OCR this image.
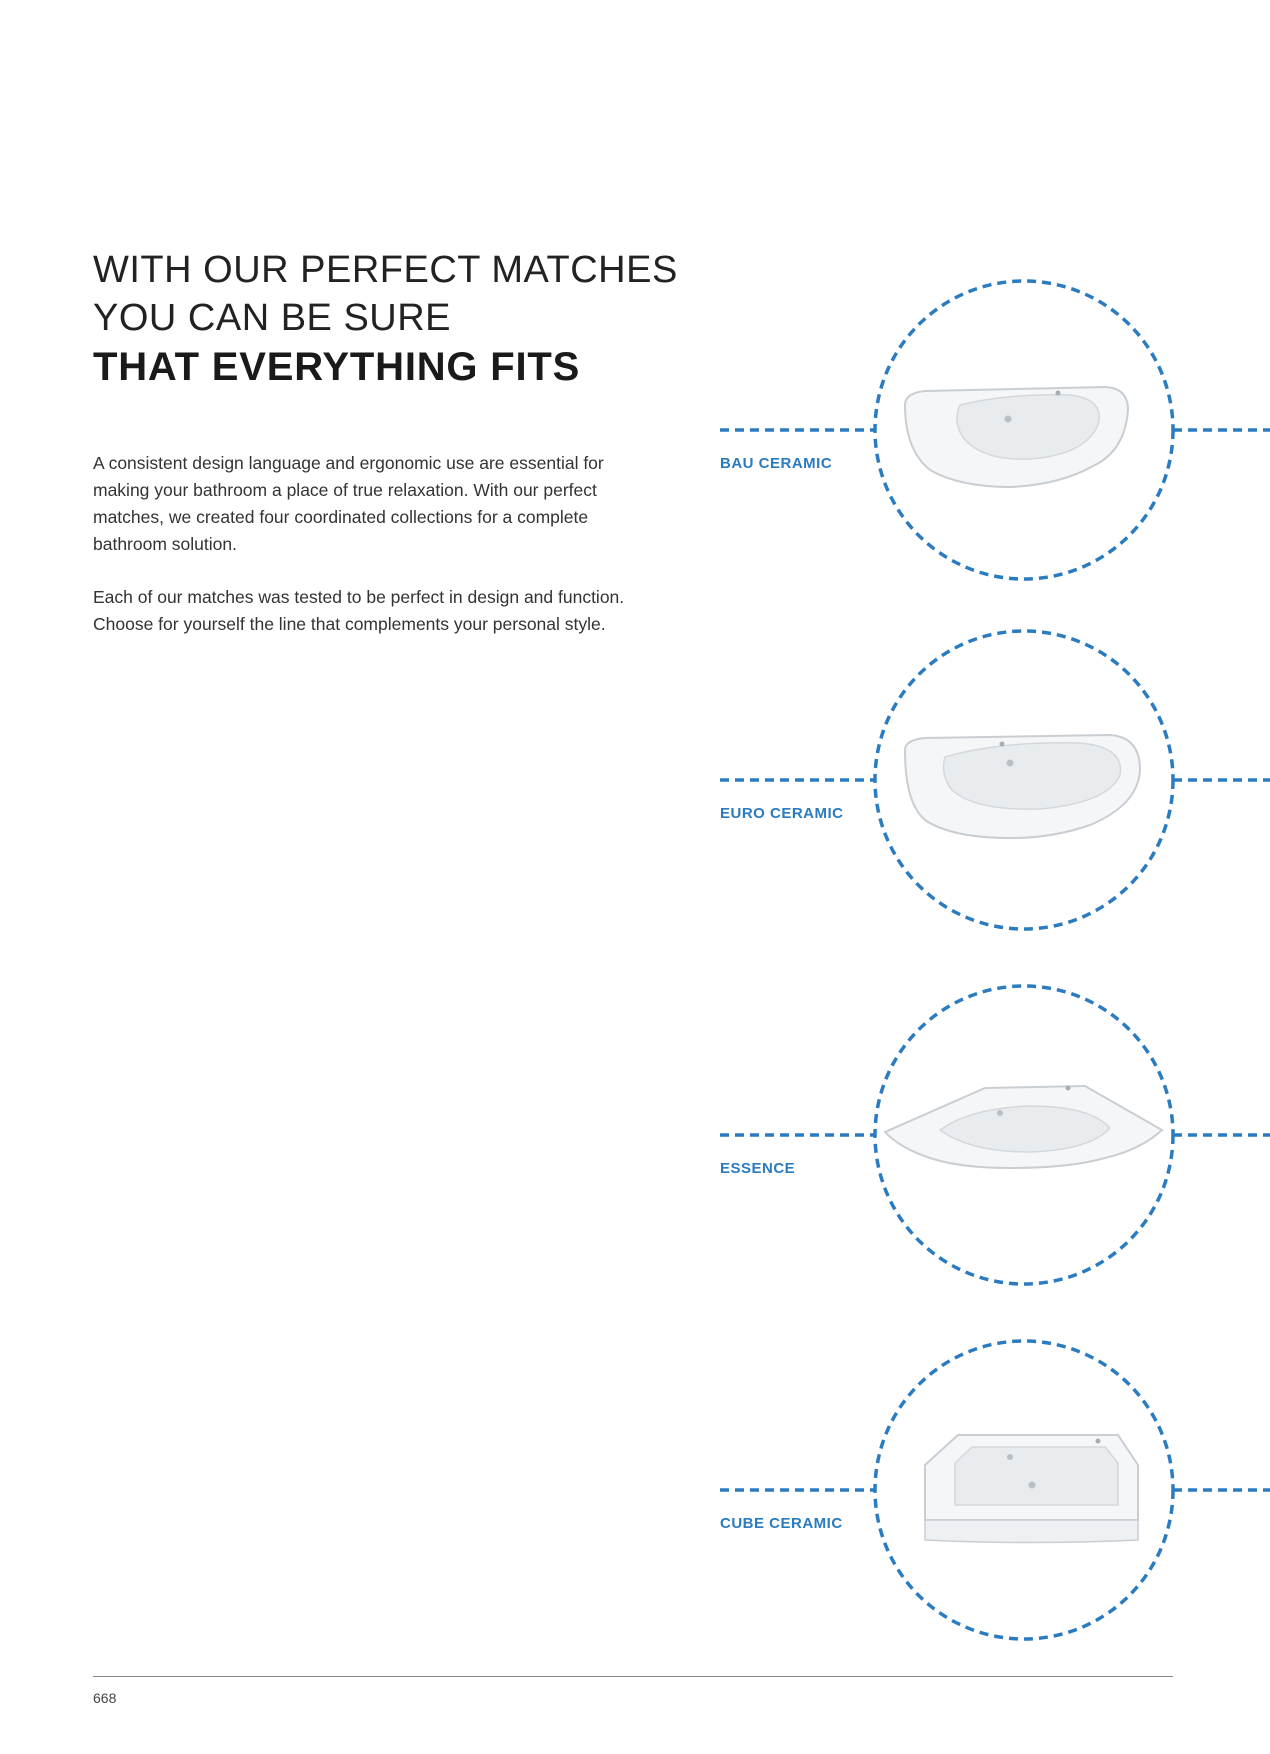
WITH OUR PERFECT MATCHES
YOU CAN BE SURE
THAT EVERYTHING FITS

A consistent design language and ergonomic use are essential for making your bathroom a place of true relaxation. With our perfect matches, we created four coordinated collections for a complete bathroom solution.

Each of our matches was tested to be perfect in design and function. Choose for yourself the line that complements your personal style.

BAU CERAMIC
EURO CERAMIC
ESSENCE
CUBE CERAMIC
668
